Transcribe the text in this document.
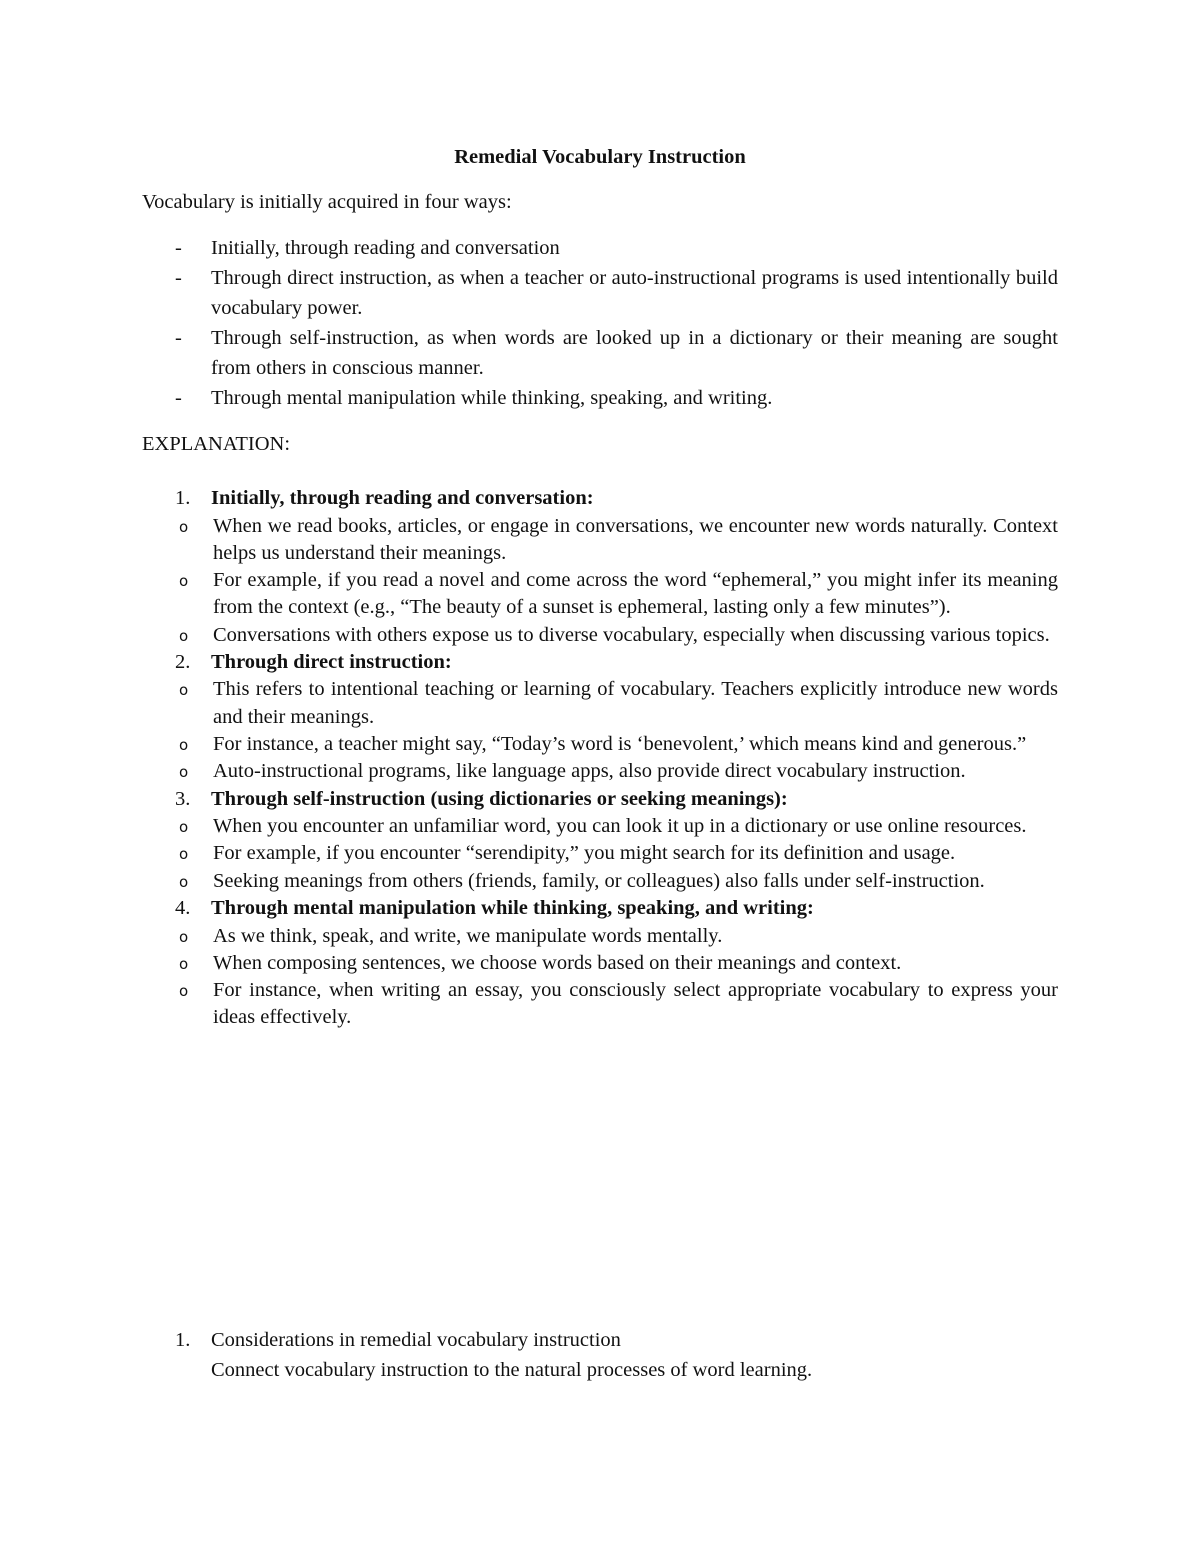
Remedial Vocabulary Instruction
Vocabulary is initially acquired in four ways:
- Initially, through reading and conversation
- Through direct instruction, as when a teacher or auto-instructional programs is used intentionally build vocabulary power.
- Through self-instruction, as when words are looked up in a dictionary or their meaning are sought from others in conscious manner.
- Through mental manipulation while thinking, speaking, and writing.
EXPLANATION:
1. Initially, through reading and conversation:
o When we read books, articles, or engage in conversations, we encounter new words naturally. Context helps us understand their meanings.
o For example, if you read a novel and come across the word “ephemeral,” you might infer its meaning from the context (e.g., “The beauty of a sunset is ephemeral, lasting only a few minutes”).
o Conversations with others expose us to diverse vocabulary, especially when discussing various topics.
2. Through direct instruction:
o This refers to intentional teaching or learning of vocabulary. Teachers explicitly introduce new words and their meanings.
o For instance, a teacher might say, “Today’s word is ‘benevolent,’ which means kind and generous.”
o Auto-instructional programs, like language apps, also provide direct vocabulary instruction.
3. Through self-instruction (using dictionaries or seeking meanings):
o When you encounter an unfamiliar word, you can look it up in a dictionary or use online resources.
o For example, if you encounter “serendipity,” you might search for its definition and usage.
o Seeking meanings from others (friends, family, or colleagues) also falls under self-instruction.
4. Through mental manipulation while thinking, speaking, and writing:
o As we think, speak, and write, we manipulate words mentally.
o When composing sentences, we choose words based on their meanings and context.
o For instance, when writing an essay, you consciously select appropriate vocabulary to express your ideas effectively.
1. Considerations in remedial vocabulary instruction
Connect vocabulary instruction to the natural processes of word learning.
